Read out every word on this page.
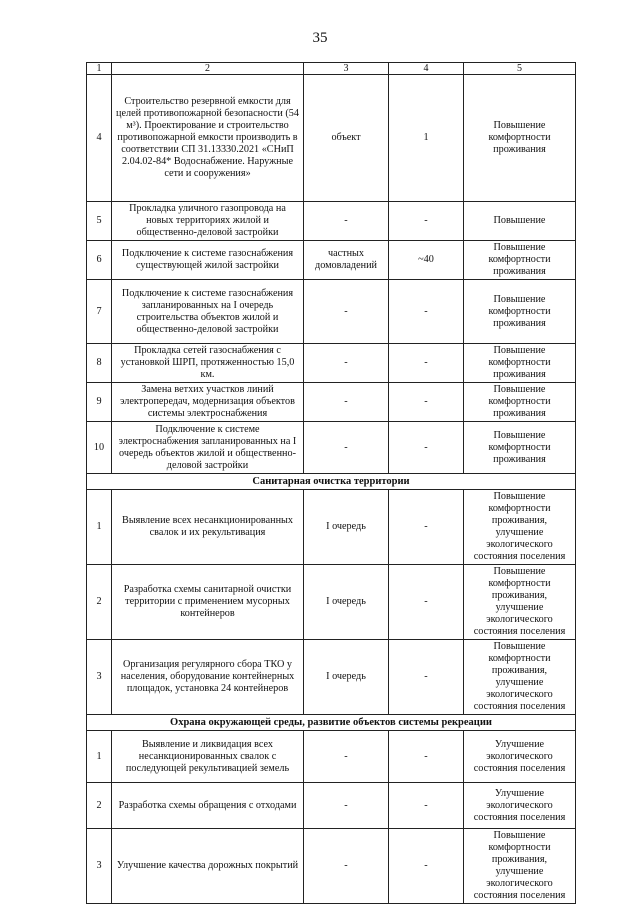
35
1	2	3	4	5
4	Строительство резервной емкости для целей противопожарной безопасности (54 м³). Проектирование и строительство противопожарной емкости производить в соответствии СП 31.13330.2021 «СНиП 2.04.02-84* Водоснабжение. Наружные сети и сооружения»	объект	1	Повышение комфортности проживания
5	Прокладка уличного газопровода на новых территориях жилой и общественно-деловой застройки	-	-	Повышение
6	Подключение к системе газоснабжения существующей жилой застройки	частных домовладений	~40	Повышение комфортности проживания
7	Подключение к системе газоснабжения запланированных на I очередь строительства объектов жилой и общественно-деловой застройки	-	-	Повышение комфортности проживания
8	Прокладка сетей газоснабжения с установкой ШРП, протяженностью 15,0 км.	-	-	Повышение комфортности проживания
9	Замена ветхих участков линий электропередач, модернизация объектов системы электроснабжения	-	-	Повышение комфортности проживания
10	Подключение к системе электроснабжения запланированных на I очередь объектов жилой и общественно-деловой застройки	-	-	Повышение комфортности проживания
Санитарная очистка территории				
1	Выявление всех несанкционированных свалок и их рекультивация	I очередь	-	Повышение комфортности проживания, улучшение экологического состояния поселения
2	Разработка схемы санитарной очистки территории с применением мусорных контейнеров	I очередь	-	Повышение комфортности проживания, улучшение экологического состояния поселения
3	Организация регулярного сбора ТКО у населения, оборудование контейнерных площадок, установка 24 контейнеров	I очередь	-	Повышение комфортности проживания, улучшение экологического состояния поселения
Охрана окружающей среды, развитие объектов системы рекреации				
1	Выявление и ликвидация всех несанкционированных свалок с последующей рекультивацией земель	-	-	Улучшение экологического состояния поселения
2	Разработка схемы обращения с отходами	-	-	Улучшение экологического состояния поселения
3	Улучшение качества дорожных покрытий	-	-	Повышение комфортности проживания, улучшение экологического состояния поселения
